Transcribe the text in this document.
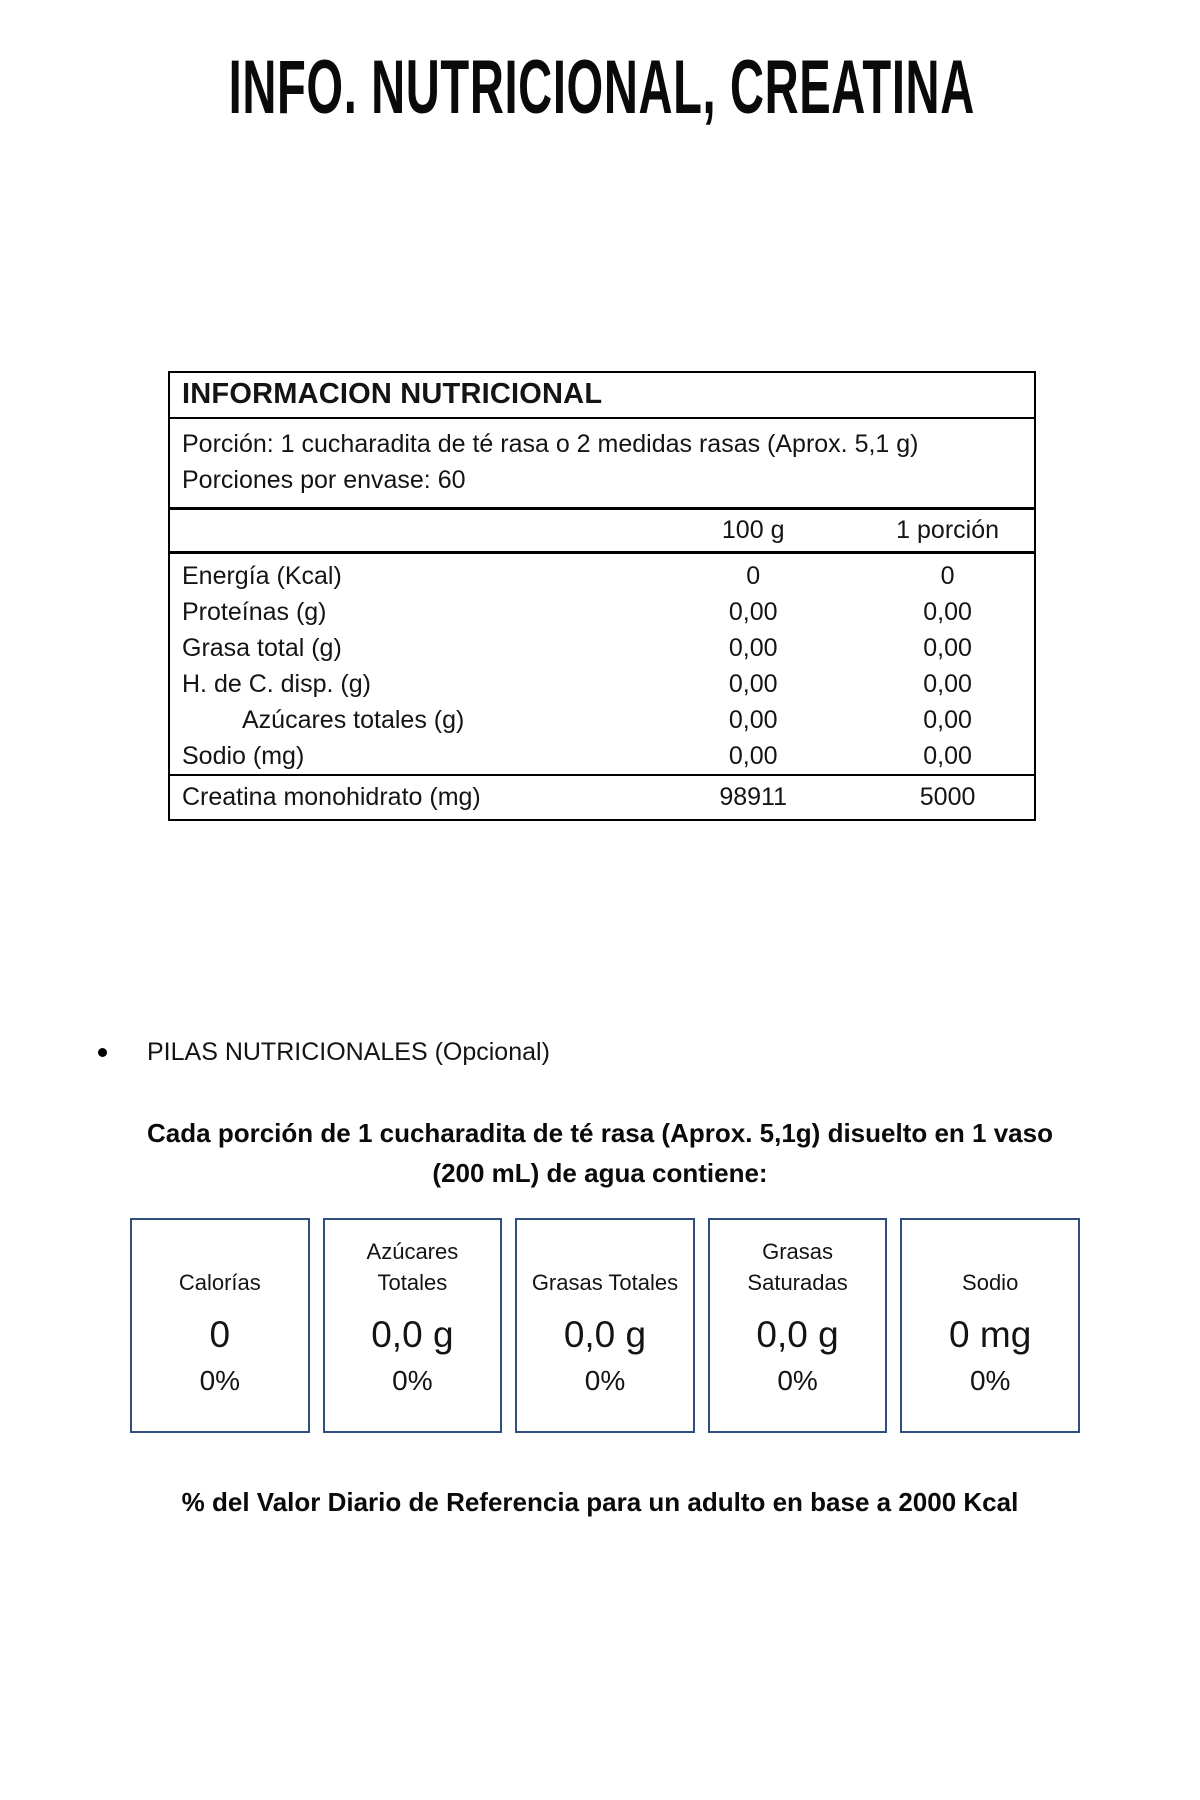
INFO. NUTRICIONAL, CREATINA
INFORMACION NUTRICIONAL
Porción: 1 cucharadita de té rasa o 2 medidas rasas (Aprox. 5,1 g)
Porciones por envase: 60
100 g	1 porción
Energía (Kcal)	0	0
Proteínas (g)	0,00	0,00
Grasa total (g)	0,00	0,00
H. de C. disp. (g)	0,00	0,00
Azúcares totales (g)	0,00	0,00
Sodio (mg)	0,00	0,00
Creatina monohidrato (mg)	98911	5000
PILAS NUTRICIONALES (Opcional)
Cada porción de 1 cucharadita de té rasa (Aprox. 5,1g) disuelto en 1 vaso
(200 mL) de agua contiene:
Calorías
0
0%
Azúcares Totales
0,0 g
0%
Grasas Totales
0,0 g
0%
Grasas Saturadas
0,0 g
0%
Sodio
0 mg
0%
% del Valor Diario de Referencia para un adulto en base a 2000 Kcal
